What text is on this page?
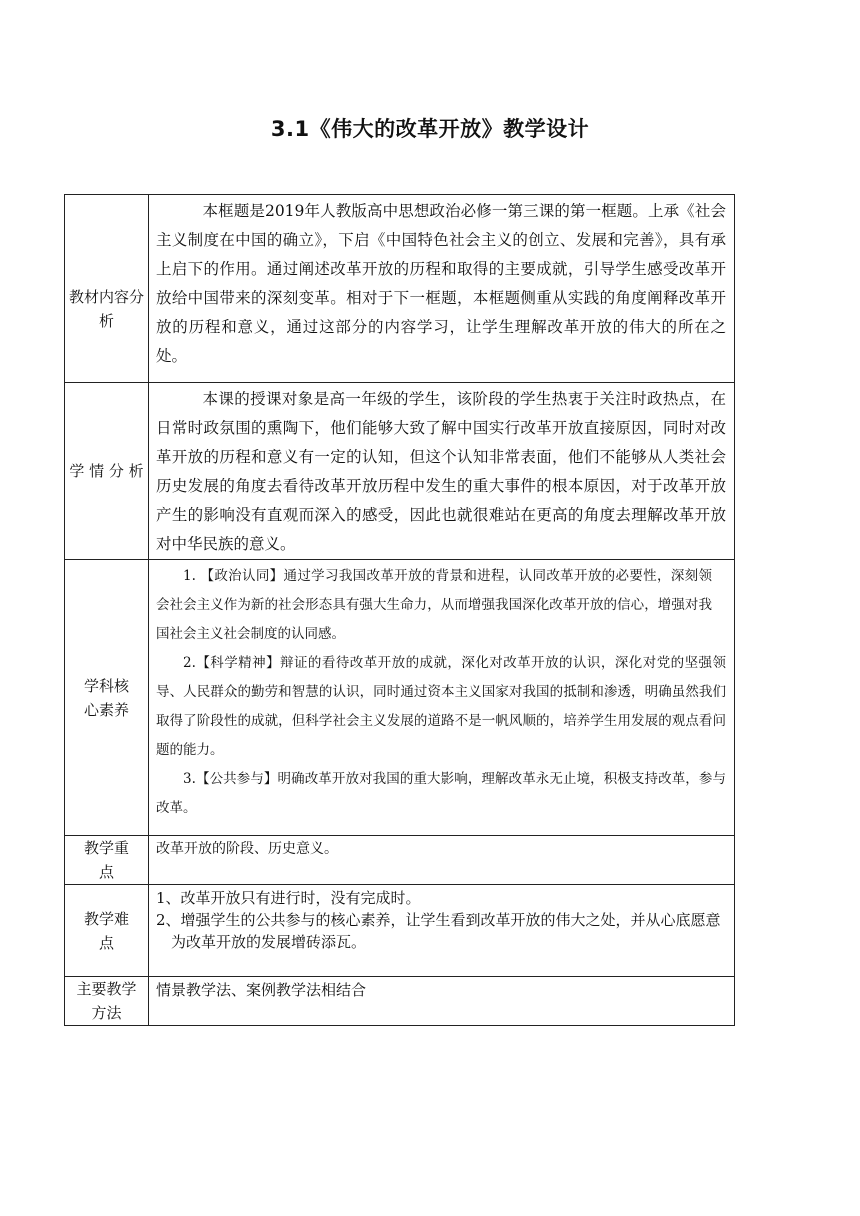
3.1《伟大的改革开放》教学设计
教材内容分析	本框题是2019年人教版高中思想政治必修一第三课的第一框题。上承《社会主义制度在中国的确立》，下启《中国特色社会主义的创立、发展和完善》，具有承上启下的作用。通过阐述改革开放的历程和取得的主要成就，引导学生感受改革开放给中国带来的深刻变革。相对于下一框题，本框题侧重从实践的角度阐释改革开放的历程和意义，通过这部分的内容学习，让学生理解改革开放的伟大的所在之处。

学 情 分 析	本课的授课对象是高一年级的学生，该阶段的学生热衷于关注时政热点，在日常时政氛围的熏陶下，他们能够大致了解中国实行改革开放直接原因，同时对改革开放的历程和意义有一定的认知，但这个认知非常表面，他们不能够从人类社会历史发展的角度去看待改革开放历程中发生的重大事件的根本原因，对于改革开放产生的影响没有直观而深入的感受，因此也就很难站在更高的角度去理解改革开放对中华民族的意义。

学科核心素养	1. 【政治认同】通过学习我国改革开放的背景和进程，认同改革开放的必要性，深刻领会社会主义作为新的社会形态具有强大生命力，从而增强我国深化改革开放的信心，增强对我国社会主义社会制度的认同感。

2.【科学精神】辩证的看待改革开放的成就，深化对改革开放的认识，深化对党的坚强领导、人民群众的勤劳和智慧的认识，同时通过资本主义国家对我国的抵制和渗透，明确虽然我们取得了阶段性的成就，但科学社会主义发展的道路不是一帆风顺的，培养学生用发展的观点看问题的能力。

3.【公共参与】明确改革开放对我国的重大影响，理解改革永无止境，积极支持改革，参与改革。

教学重点	改革开放的阶段、历史意义。

教学难点	1、改革开放只有进行时，没有完成时。

2、增强学生的公共参与的核心素养，让学生看到改革开放的伟大之处，并从心底愿意

为改革开放的发展增砖添瓦。

主要教学方法	情景教学法、案例教学法相结合
